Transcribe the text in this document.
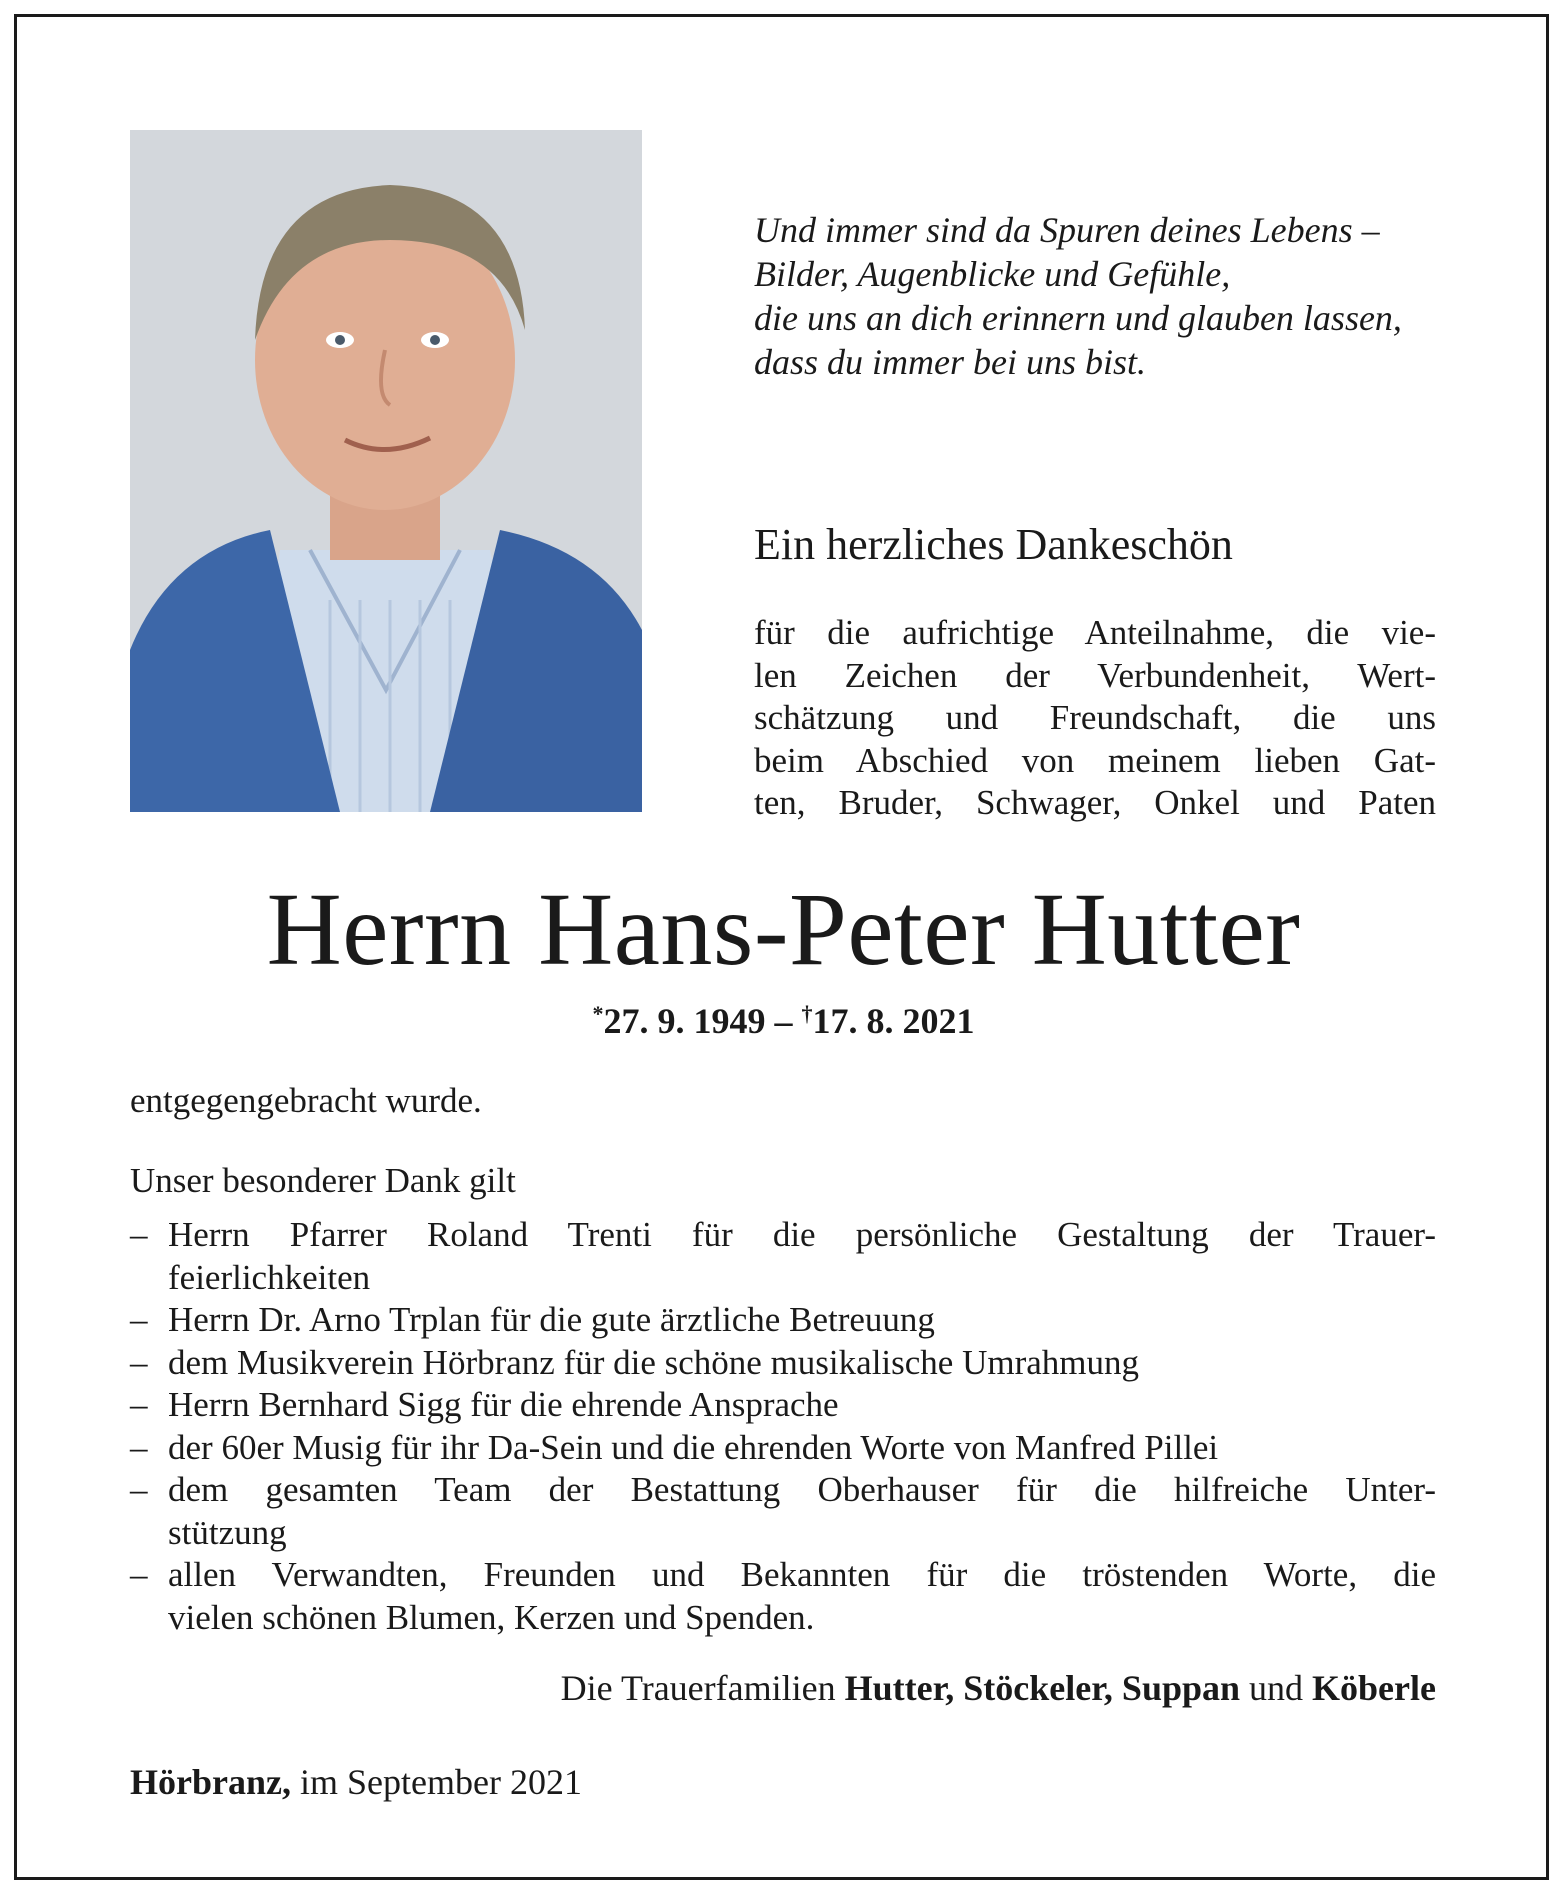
Und immer sind da Spuren deines Lebens –
Bilder, Augenblicke und Gefühle,
die uns an dich erinnern und glauben lassen,
dass du immer bei uns bist.
Ein herzliches Dankeschön
für die aufrichtige Anteilnahme, die vie-
len Zeichen der Verbundenheit, Wert-
schätzung und Freundschaft, die uns
beim Abschied von meinem lieben Gat-
ten, Bruder, Schwager, Onkel und Paten
Herrn Hans-Peter Hutter
*27. 9. 1949 – †17. 8. 2021
entgegengebracht wurde.
Unser besonderer Dank gilt
– Herrn Pfarrer Roland Trenti für die persönliche Gestaltung der Trauer-
feierlichkeiten
– Herrn Dr. Arno Trplan für die gute ärztliche Betreuung
– dem Musikverein Hörbranz für die schöne musikalische Umrahmung
– Herrn Bernhard Sigg für die ehrende Ansprache
– der 60er Musig für ihr Da-Sein und die ehrenden Worte von Manfred Pillei
– dem gesamten Team der Bestattung Oberhauser für die hilfreiche Unter-
stützung
– allen Verwandten, Freunden und Bekannten für die tröstenden Worte, die
vielen schönen Blumen, Kerzen und Spenden.
Die Trauerfamilien Hutter, Stöckeler, Suppan und Köberle
Hörbranz, im September 2021
